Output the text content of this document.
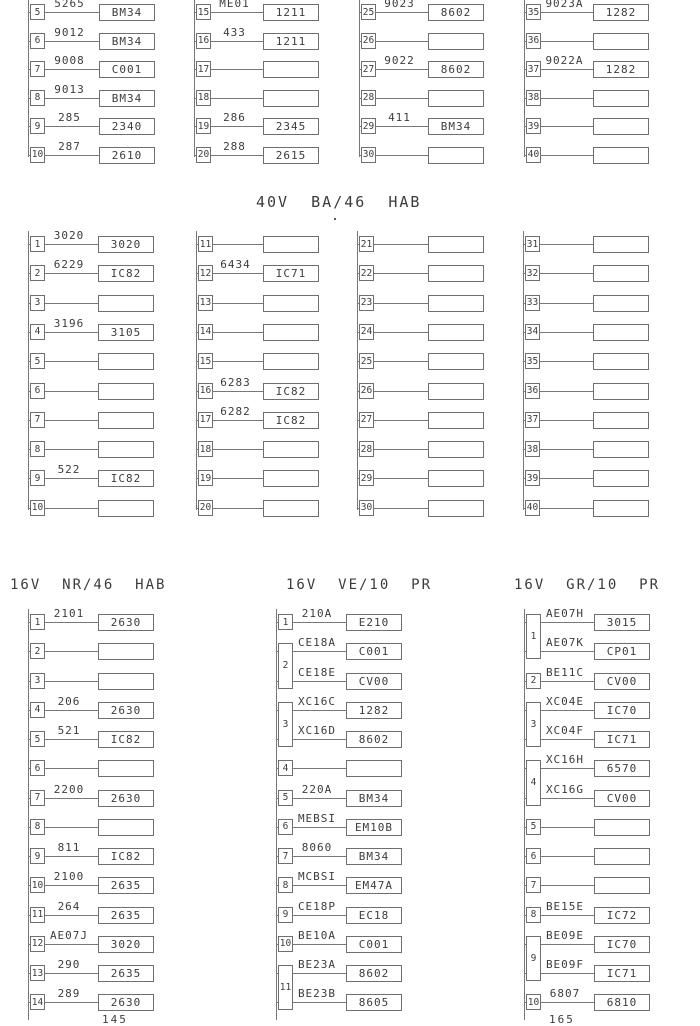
5265
BM34
5
9012
BM34
6
9008
C001
7
9013
BM34
8
285
2340
9
287
2610
10
ME01
1211
15
433
1211
16
17
18
286
2345
19
288
2615
20
9023
8602
25
26
9022
8602
27
28
411
BM34
29
30
9023A
1282
35
36
9022A
1282
37
38
39
40
40V  BA/46  HAB
3020
3020
1
6229
IC82
2
3
3196
3105
4
5
6
7
8
522
IC82
9
10
11
6434
IC71
12
13
14
15
6283
IC82
16
6282
IC82
17
18
19
20
21
22
23
24
25
26
27
28
29
30
31
32
33
34
35
36
37
38
39
40
16V  NR/46  HAB
2101
2630
1
2
3
206
2630
4
521
IC82
5
6
2200
2630
7
8
811
IC82
9
2100
2635
10
264
2635
11
AE07J
3020
12
290
2635
13
289
2630
14
16V  VE/10  PR
210A
E210
1
CE18A
C001
CE18E
CV00
2
XC16C
1282
XC16D
8602
3
4
220A
BM34
5
MEBSI
EM10B
6
8060
BM34
7
MCBSI
EM47A
8
CE18P
EC18
9
BE10A
C001
10
BE23A
8602
BE23B
8605
11
16V  GR/10  PR
AE07H
3015
AE07K
CP01
1
BE11C
CV00
2
XC04E
IC70
XC04F
IC71
3
XC16H
6570
XC16G
CV00
4
5
6
7
BE15E
IC72
8
BE09E
IC70
BE09F
IC71
9
6807
6810
10
145	165
